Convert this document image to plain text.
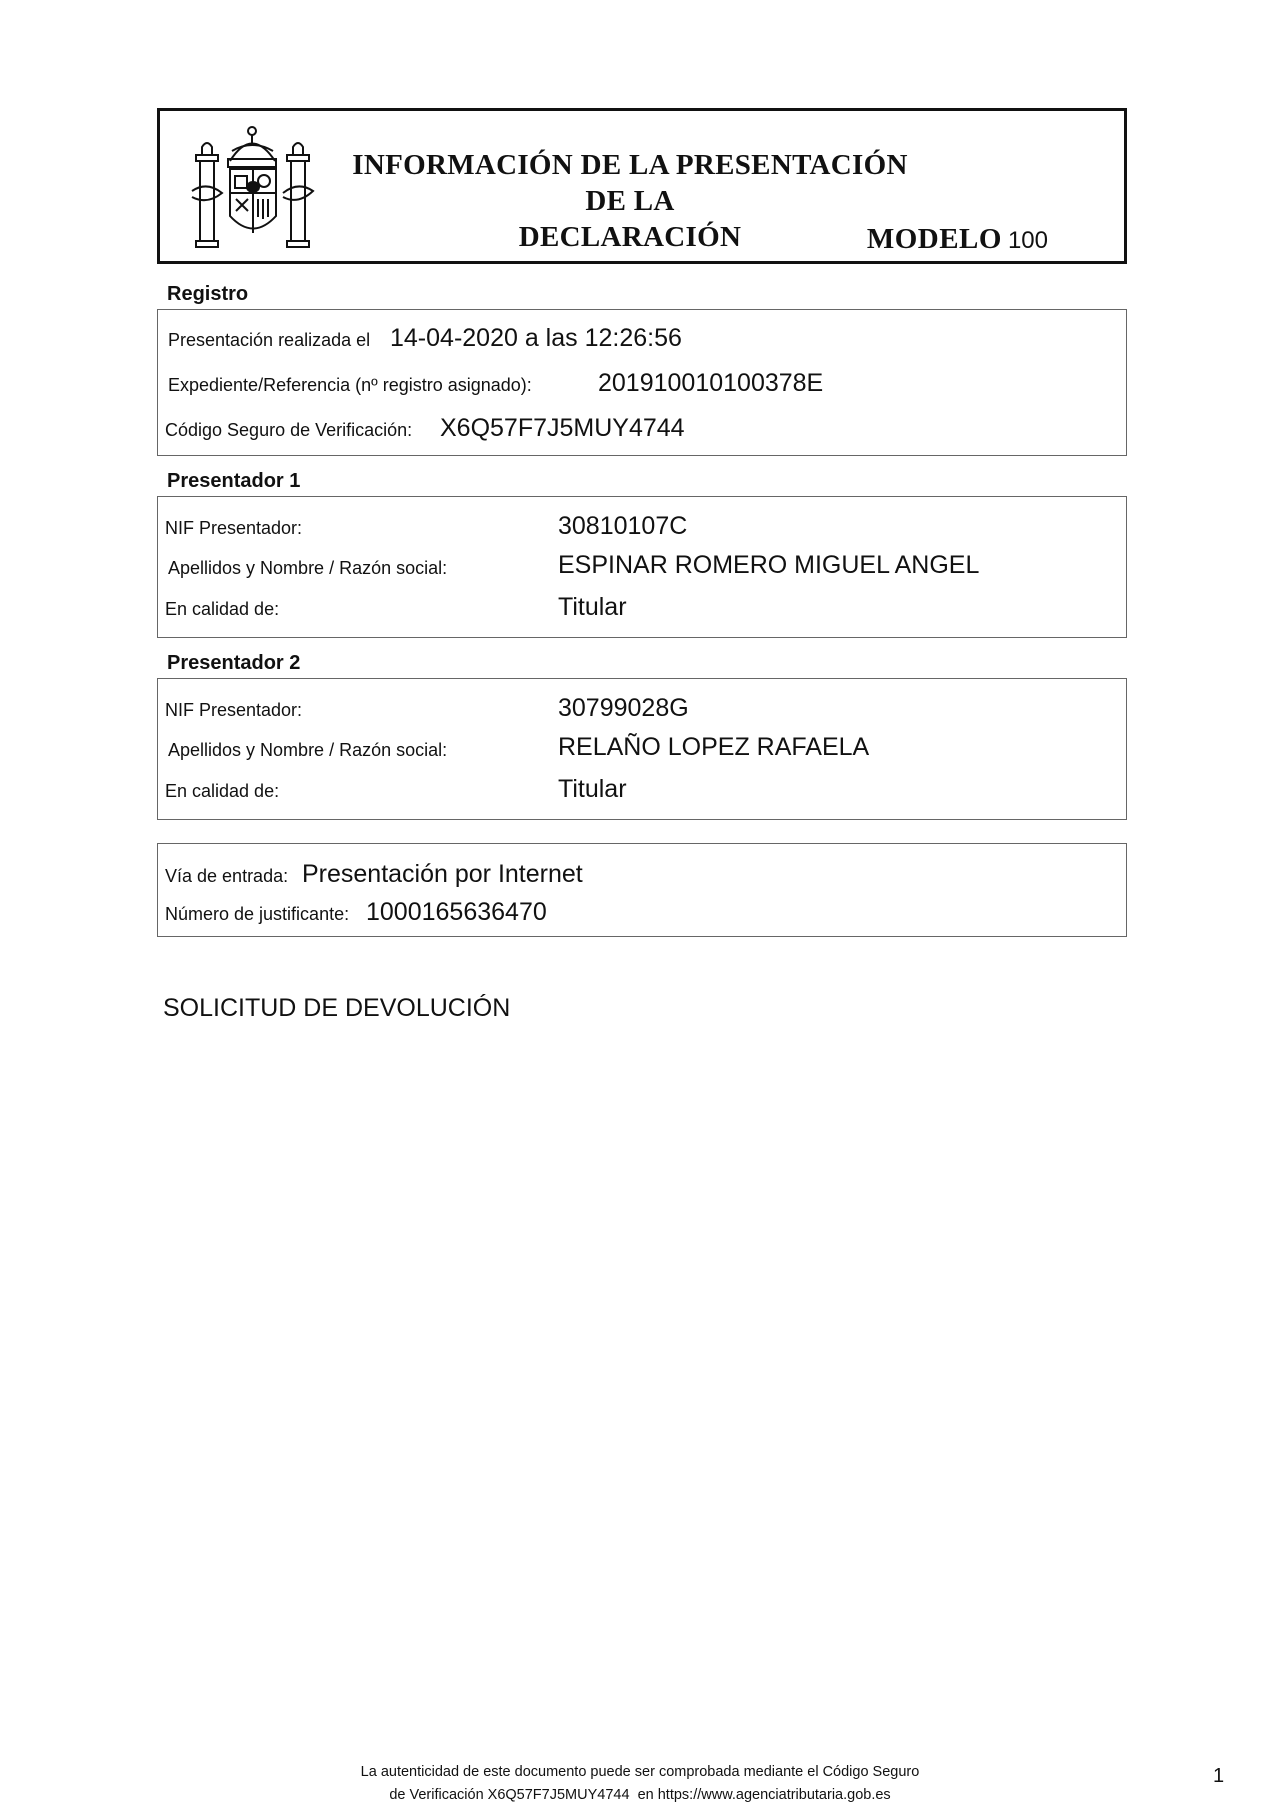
INFORMACIÓN DE LA PRESENTACIÓN DE LA
DECLARACIÓN	MODELO 100
Registro
Presentación realizada el 14-04-2020 a las 12:26:56
Expediente/Referencia (nº registro asignado):	201910010100378E
Código Seguro de Verificación: X6Q57F7J5MUY4744
Presentador 1
NIF Presentador:	30810107C
Apellidos y Nombre / Razón social:	ESPINAR ROMERO MIGUEL ANGEL
En calidad de:	Titular
Presentador 2
NIF Presentador:	30799028G
Apellidos y Nombre / Razón social:	RELAÑO LOPEZ RAFAELA
En calidad de:	Titular
Vía de entrada: Presentación por Internet
Número de justificante: 1000165636470
SOLICITUD DE DEVOLUCIÓN
La autenticidad de este documento puede ser comprobada mediante el Código Seguro
de Verificación X6Q57F7J5MUY4744  en https://www.agenciatributaria.gob.es
1
